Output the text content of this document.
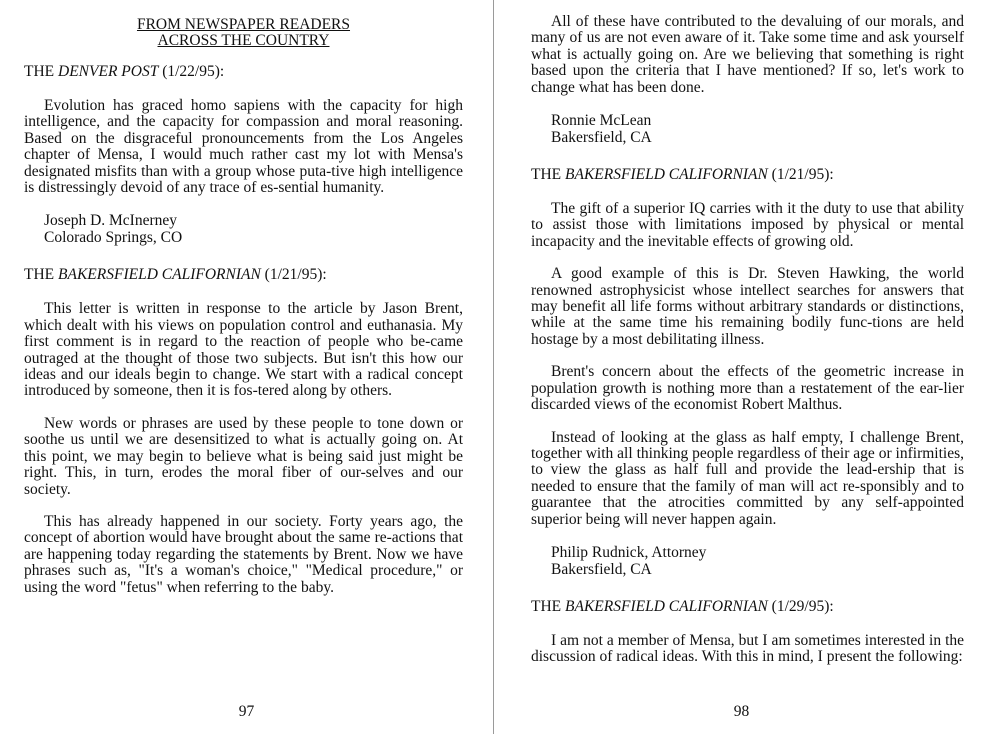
FROM NEWSPAPER READERS
ACROSS THE COUNTRY
THE DENVER POST (1/22/95):

Evolution has graced homo sapiens with the capacity for high intelligence, and the capacity for compassion and moral reasoning. Based on the disgraceful pronouncements from the Los Angeles chapter of Mensa, I would much rather cast my lot with Mensa's designated misfits than with a group whose puta-tive high intelligence is distressingly devoid of any trace of es-sential humanity.

Joseph D. McInerney
Colorado Springs, CO
THE BAKERSFIELD CALIFORNIAN (1/21/95):

This letter is written in response to the article by Jason Brent, which dealt with his views on population control and euthanasia. My first comment is in regard to the reaction of people who be-came outraged at the thought of those two subjects. But isn't this how our ideas and our ideals begin to change. We start with a radical concept introduced by someone, then it is fos-tered along by others.

New words or phrases are used by these people to tone down or soothe us until we are desensitized to what is actually going on. At this point, we may begin to believe what is being said just might be right. This, in turn, erodes the moral fiber of our-selves and our society.

This has already happened in our society. Forty years ago, the concept of abortion would have brought about the same re-actions that are happening today regarding the statements by Brent. Now we have phrases such as, "It's a woman's choice," "Medical procedure," or using the word "fetus" when referring to the baby.

97

All of these have contributed to the devaluing of our morals, and many of us are not even aware of it. Take some time and ask yourself what is actually going on. Are we believing that something is right based upon the criteria that I have mentioned? If so, let's work to change what has been done.

Ronnie McLean
Bakersfield, CA
THE BAKERSFIELD CALIFORNIAN (1/21/95):

The gift of a superior IQ carries with it the duty to use that ability to assist those with limitations imposed by physical or mental incapacity and the inevitable effects of growing old.

A good example of this is Dr. Steven Hawking, the world renowned astrophysicist whose intellect searches for answers that may benefit all life forms without arbitrary standards or distinctions, while at the same time his remaining bodily func-tions are held hostage by a most debilitating illness.

Brent's concern about the effects of the geometric increase in population growth is nothing more than a restatement of the ear-lier discarded views of the economist Robert Malthus.

Instead of looking at the glass as half empty, I challenge Brent, together with all thinking people regardless of their age or infirmities, to view the glass as half full and provide the lead-ership that is needed to ensure that the family of man will act re-sponsibly and to guarantee that the atrocities committed by any self-appointed superior being will never happen again.

Philip Rudnick, Attorney
Bakersfield, CA
THE BAKERSFIELD CALIFORNIAN (1/29/95):

I am not a member of Mensa, but I am sometimes interested in the discussion of radical ideas. With this in mind, I present the following:

98
